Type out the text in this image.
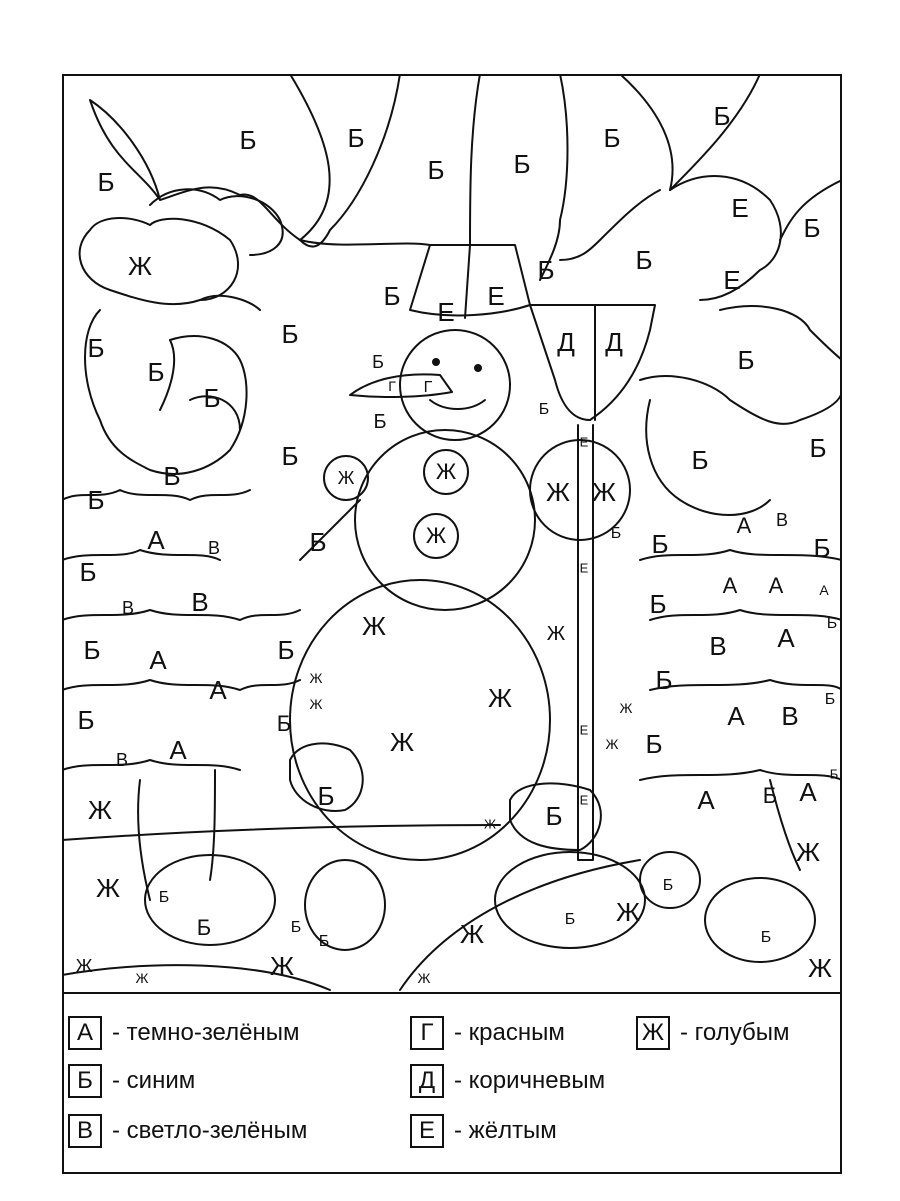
Б	Б
Б	Б
Б
Б
Б
Ж
Е
Б
Б	Б
Е
Б
Е
Е
Б	Д Д
Б
Б	Б
Б
Г Г
Б
Б
Б
Е
Б	Б	Б
В	Ж	Ж
Ж Ж
Б
Ж	А В
Б
А В	Б	Б	Б
Б	Е
А А	А
В
В	Б
Б
Ж	Ж	В А
Б	Б
А
Б
Ж
А	Б
Ж	Ж	Ж
Б	Б	А В
Е
Ж	Ж Б
А
В
Б
Б	Е	А Б А
Ж	Б
Ж
Ж
Б
Ж Б	Ж
Б
Б	Б	Ж	Б
Б
Ж
Ж	Ж
Ж	Ж
А - темно-зелёным
Б - синим
В - светло-зелёным
Г - красным
Д - коричневым
Е - жёлтым
Ж - голубым
